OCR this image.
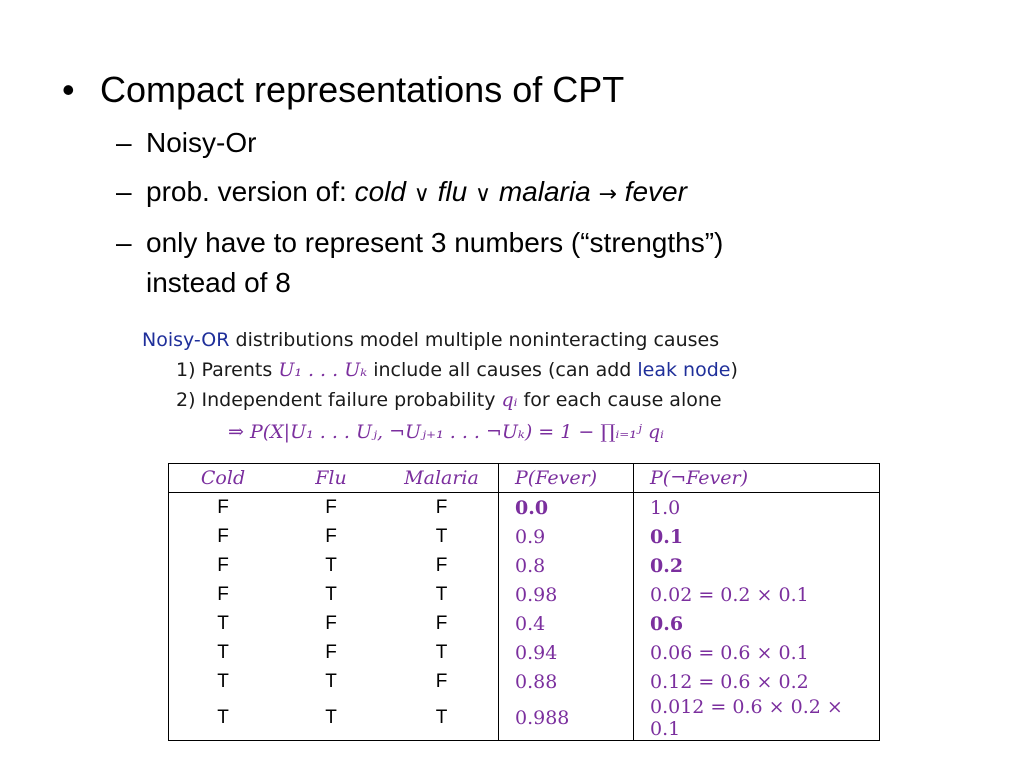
• Compact representations of CPT
– Noisy-Or
– prob. version of: cold ∨ flu ∨ malaria → fever
– only have to represent 3 numbers (“strengths”)
instead of 8
Noisy-OR distributions model multiple noninteracting causes
1) Parents U₁ . . . Uₖ include all causes (can add leak node)
2) Independent failure probability qᵢ for each cause alone
⇒ P(X|U₁ . . . Uⱼ, ¬Uⱼ₊₁ . . . ¬Uₖ) = 1 − ∏ᵢ₌₁ʲ qᵢ
Cold	Flu	Malaria	P(Fever)	P(¬Fever)
F	F	F	0.0	1.0
F	F	T	0.9	0.1
F	T	F	0.8	0.2
F	T	T	0.98	0.02 = 0.2 × 0.1
T	F	F	0.4	0.6
T	F	T	0.94	0.06 = 0.6 × 0.1
T	T	F	0.88	0.12 = 0.6 × 0.2
T	T	T	0.988	0.012 = 0.6 × 0.2 × 0.1
